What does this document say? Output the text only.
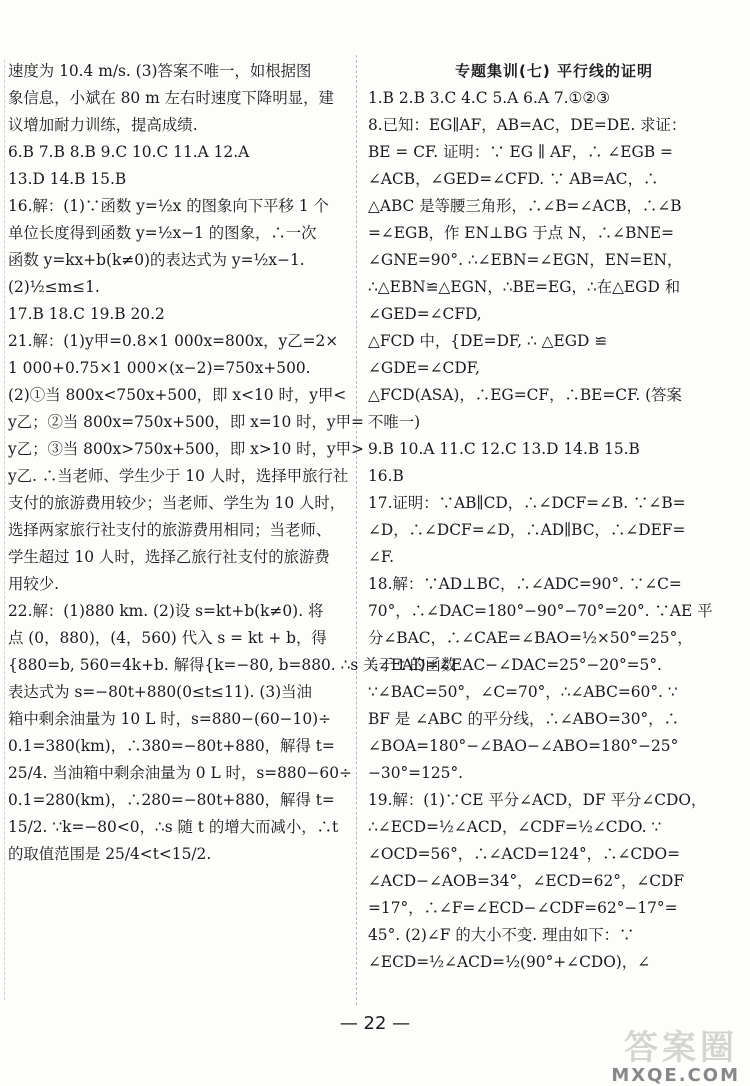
速度为 10.4 m/s. (3)答案不唯一，如根据图

象信息，小斌在 80 m 左右时速度下降明显，建

议增加耐力训练，提高成绩.

6.B 7.B 8.B 9.C 10.C 11.A 12.A

13.D 14.B 15.B

16.解：(1)∵函数 y=½x 的图象向下平移 1 个

单位长度得到函数 y=½x−1 的图象，∴一次

函数 y=kx+b(k≠0)的表达式为 y=½x−1.

(2)½≤m≤1.

17.B 18.C 19.B 20.2

21.解：(1)y甲=0.8×1 000x=800x，y乙=2×

1 000+0.75×1 000×(x−2)=750x+500.

(2)①当 800x<750x+500，即 x<10 时，y甲<

y乙；②当 800x=750x+500，即 x=10 时，y甲=

y乙；③当 800x>750x+500，即 x>10 时，y甲>

y乙. ∴当老师、学生少于 10 人时，选择甲旅行社

支付的旅游费用较少；当老师、学生为 10 人时，

选择两家旅行社支付的旅游费用相同；当老师、

学生超过 10 人时，选择乙旅行社支付的旅游费

用较少.

22.解：(1)880 km. (2)设 s=kt+b(k≠0). 将

点 (0，880)，(4，560) 代入 s = kt + b，得

{880=b, 560=4k+b. 解得{k=−80, b=880. ∴s 关于 t 的函数

表达式为 s=−80t+880(0≤t≤11). (3)当油

箱中剩余油量为 10 L 时，s=880−(60−10)÷

0.1=380(km)，∴380=−80t+880，解得 t=

25/4. 当油箱中剩余油量为 0 L 时，s=880−60÷

0.1=280(km)，∴280=−80t+880，解得 t=

15/2. ∵k=−80<0，∴s 随 t 的增大而减小，∴t

的取值范围是 25/4<t<15/2.

专题集训(七) 平行线的证明

1.B 2.B 3.C 4.C 5.A 6.A 7.①②③

8.已知：EG∥AF，AB=AC，DE=DE. 求证：

BE = CF. 证明：∵ EG ∥ AF，∴ ∠EGB =

∠ACB，∠GED=∠CFD. ∵ AB=AC，∴

△ABC 是等腰三角形，∴∠B=∠ACB，∴∠B

=∠EGB，作 EN⊥BG 于点 N，∴∠BNE=

∠GNE=90°. ∴∠EBN=∠EGN，EN=EN，

∴△EBN≌△EGN，∴BE=EG，∴在△EGD 和

∠GED=∠CFD,

△FCD 中，{DE=DF, ∴ △EGD ≌

∠GDE=∠CDF,

△FCD(ASA)，∴EG=CF，∴BE=CF. (答案

不唯一)

9.B 10.A 11.C 12.C 13.D 14.B 15.B

16.B

17.证明：∵AB∥CD，∴∠DCF=∠B. ∵∠B=

∠D，∴∠DCF=∠D，∴AD∥BC，∴∠DEF=

∠F.

18.解：∵AD⊥BC，∴∠ADC=90°. ∵∠C=

70°，∴∠DAC=180°−90°−70°=20°. ∵AE 平

分∠BAC，∴∠CAE=∠BAO=½×50°=25°，

∴∠EAD=∠EAC−∠DAC=25°−20°=5°.

∵∠BAC=50°，∠C=70°，∴∠ABC=60°. ∵

BF 是 ∠ABC 的平分线，∴∠ABO=30°，∴

∠BOA=180°−∠BAO−∠ABO=180°−25°

−30°=125°.

19.解：(1)∵CE 平分∠ACD，DF 平分∠CDO，

∴∠ECD=½∠ACD，∠CDF=½∠CDO. ∵

∠OCD=56°，∴∠ACD=124°，∴∠CDO=

∠ACD−∠AOB=34°，∠ECD=62°，∠CDF

=17°，∴∠F=∠ECD−∠CDF=62°−17°=

45°. (2)∠F 的大小不变. 理由如下：∵

∠ECD=½∠ACD=½(90°+∠CDO)，∠

— 22 —
答案圈
MXQE.COM
